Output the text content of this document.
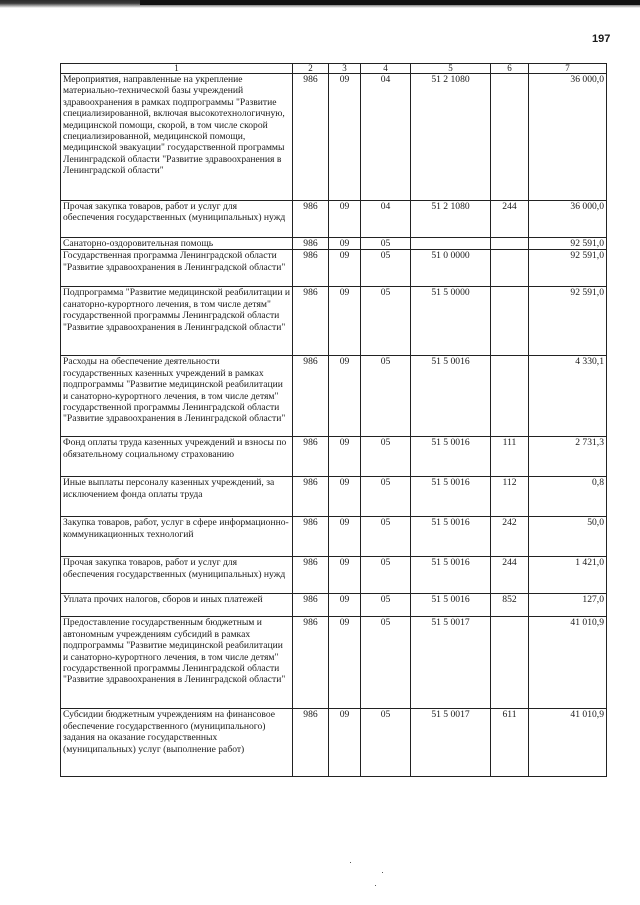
197
1	2	3	4	5	6	7
Мероприятия, направленные на укрепление материально-технической базы учреждений здравоохранения в рамках подпрограммы "Развитие специализированной, включая высокотехнологичную, медицинской помощи, скорой, в том числе скорой специализированной, медицинской помощи, медицинской эвакуации" государственной программы Ленинградской области "Развитие здравоохранения в Ленинградской области"	986	09	04	51 2 1080		36 000,0
Прочая закупка товаров, работ и услуг для обеспечения государственных (муниципальных) нужд	986	09	04	51 2 1080	244	36 000,0
Санаторно-оздоровительная помощь	986	09	05			92 591,0
Государственная программа Ленинградской области "Развитие здравоохранения в Ленинградской области"	986	09	05	51 0 0000		92 591,0
Подпрограмма "Развитие медицинской реабилитации и санаторно-курортного лечения, в том числе детям" государственной программы Ленинградской области "Развитие здравоохранения в Ленинградской области"	986	09	05	51 5 0000		92 591,0
Расходы на обеспечение деятельности государственных казенных учреждений в рамках подпрограммы "Развитие медицинской реабилитации и санаторно-курортного лечения, в том числе детям" государственной программы Ленинградской области "Развитие здравоохранения в Ленинградской области"	986	09	05	51 5 0016		4 330,1
Фонд оплаты труда казенных учреждений и взносы по обязательному социальному страхованию	986	09	05	51 5 0016	111	2 731,3
Иные выплаты персоналу казенных учреждений, за исключением фонда оплаты труда	986	09	05	51 5 0016	112	0,8
Закупка товаров, работ, услуг в сфере информационно-коммуникационных технологий	986	09	05	51 5 0016	242	50,0
Прочая закупка товаров, работ и услуг для обеспечения государственных (муниципальных) нужд	986	09	05	51 5 0016	244	1 421,0
Уплата прочих налогов, сборов и иных платежей	986	09	05	51 5 0016	852	127,0
Предоставление государственным бюджетным и автономным учреждениям субсидий в рамках подпрограммы "Развитие медицинской реабилитации и санаторно-курортного лечения, в том числе детям" государственной программы Ленинградской области "Развитие здравоохранения в Ленинградской области"	986	09	05	51 5 0017		41 010,9
Субсидии бюджетным учреждениям на финансовое обеспечение государственного (муниципального) задания на оказание государственных (муниципальных) услуг (выполнение работ)	986	09	05	51 5 0017	611	41 010,9
